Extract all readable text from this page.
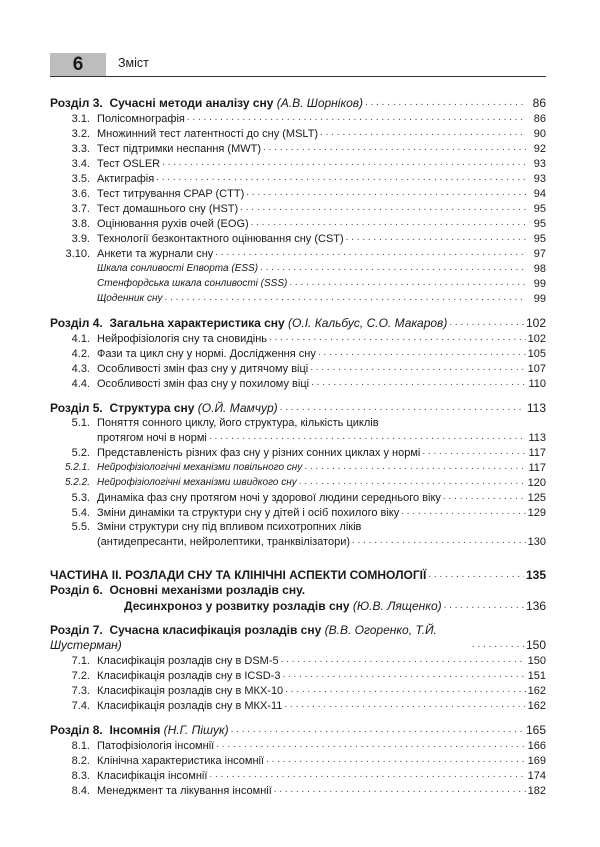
6	Зміст
Розділ 3.  Сучасні методи аналізу сну (А.В. Шорніков) . . .	86
3.1. Полісомнографія . . .	86
3.2. Множинний тест латентності до сну (MSLT) . . .	90
3.3. Тест підтримки неспання (MWT) . . .	92
3.4. Тест OSLER . . .	93
3.5. Актиграфія . . .	93
3.6. Тест титрування CPAP (CTT) . . .	94
3.7. Тест домашнього сну (HST) . . .	95
3.8. Оцінювання рухів очей (EOG) . . .	95
3.9. Технології безконтактного оцінювання сну (CST) . . .	95
3.10. Анкети та журнали сну . . .	97
Шкала сонливості Епворта (ESS) . . .	98
Стенфордська шкала сонливості (SSS) . . .	99
Щоденник сну . . .	99
Розділ 4.  Загальна характеристика сну (О.І. Кальбус, С.О. Макаров) . . .	102
4.1. Нейрофізіологія сну та сновидінь . . .	102
4.2. Фази та цикл сну у нормі. Дослідження сну . . .	105
4.3. Особливості змін фаз сну у дитячому віці . . .	107
4.4. Особливості змін фаз сну у похилому віці . . .	110
Розділ 5.  Структура сну (О.Й. Мамчур) . . .	113
5.1. Поняття сонного циклу, його структура, кількість циклів
протягом ночі в нормі . . .	113
5.2. Представленість різних фаз сну у різних сонних циклах у нормі . . .	117
5.2.1. Нейрофізіологічні механізми повільного сну . . .	117
5.2.2. Нейрофізіологічні механізми швидкого сну . . .	120
5.3. Динаміка фаз сну протягом ночі у здорової людини середнього віку . . .	125
5.4. Зміни динаміки та структури сну у дітей і осіб похилого віку . . .	129
5.5. Зміни структури сну під впливом психотропних ліків
(антидепресанти, нейролептики, транквілізатори) . . .	130
ЧАСТИНА ІІ. РОЗЛАДИ СНУ ТА КЛІНІЧНІ АСПЕКТИ СОМНОЛОГІЇ . . .	135
Розділ 6.  Основні механізми розладів сну.
Десинхроноз у розвитку розладів сну (Ю.В. Лященко) . . .	136
Розділ 7.  Сучасна класифікація розладів сну (В.В. Огоренко, Т.Й. Шустерман) . . .	150
7.1. Класифікація розладів сну в DSM-5 . . .	150
7.2. Класифікація розладів сну в ICSD-3 . . .	151
7.3. Класифікація розладів сну в МКХ-10 . . .	162
7.4. Класифікація розладів сну в МКХ-11 . . .	162
Розділ 8.  Інсомнія (Н.Г. Пішук) . . .	165
8.1. Патофізіологія інсомнії . . .	166
8.2. Клінічна характеристика інсомнії . . .	169
8.3. Класифікація інсомнії . . .	174
8.4. Менеджмент та лікування інсомнії . . .	182
